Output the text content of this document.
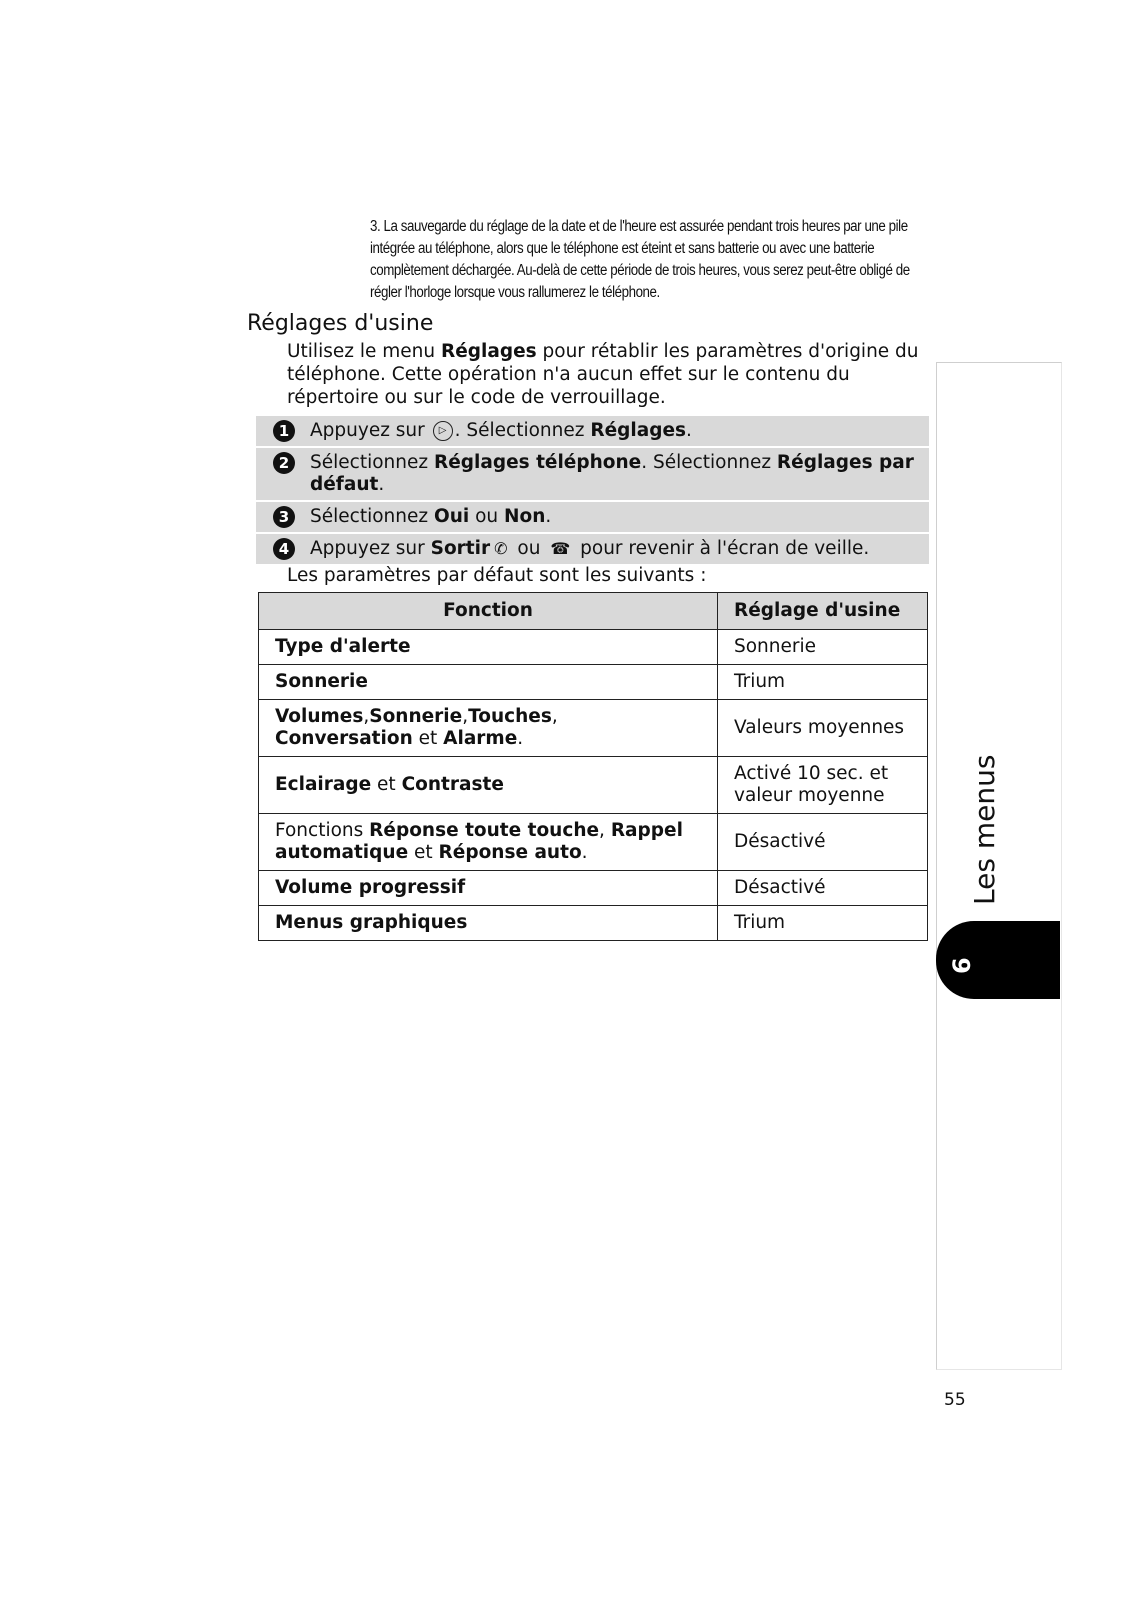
3. La sauvegarde du réglage de la date et de l'heure est assurée pendant trois heures par une pile intégrée au téléphone, alors que le téléphone est éteint et sans batterie ou avec une batterie complètement déchargée. Au-delà de cette période de trois heures, vous serez peut-être obligé de régler l'horloge lorsque vous rallumerez le téléphone.
Réglages d'usine

Utilisez le menu Réglages pour rétablir les paramètres d'origine du téléphone. Cette opération n'a aucun effet sur le contenu du répertoire ou sur le code de verrouillage.

1	Appuyez sur ▷ . Sélectionnez Réglages.
2	Sélectionnez Réglages téléphone. Sélectionnez Réglages par défaut.
3	Sélectionnez Oui ou Non.
4	Appuyez sur Sortir ✆ ou ☎ pour revenir à l'écran de veille.
Les paramètres par défaut sont les suivants :
Fonction	Réglage d'usine
Type d'alerte	Sonnerie
Sonnerie	Trium
Volumes,Sonnerie,Touches, Conversation et Alarme.	Valeurs moyennes
Eclairage et Contraste	Activé 10 sec. et valeur moyenne
Fonctions Réponse toute touche, Rappel automatique et Réponse auto.	Désactivé
Volume progressif	Désactivé
Menus graphiques	Trium
Les menus
6
55
